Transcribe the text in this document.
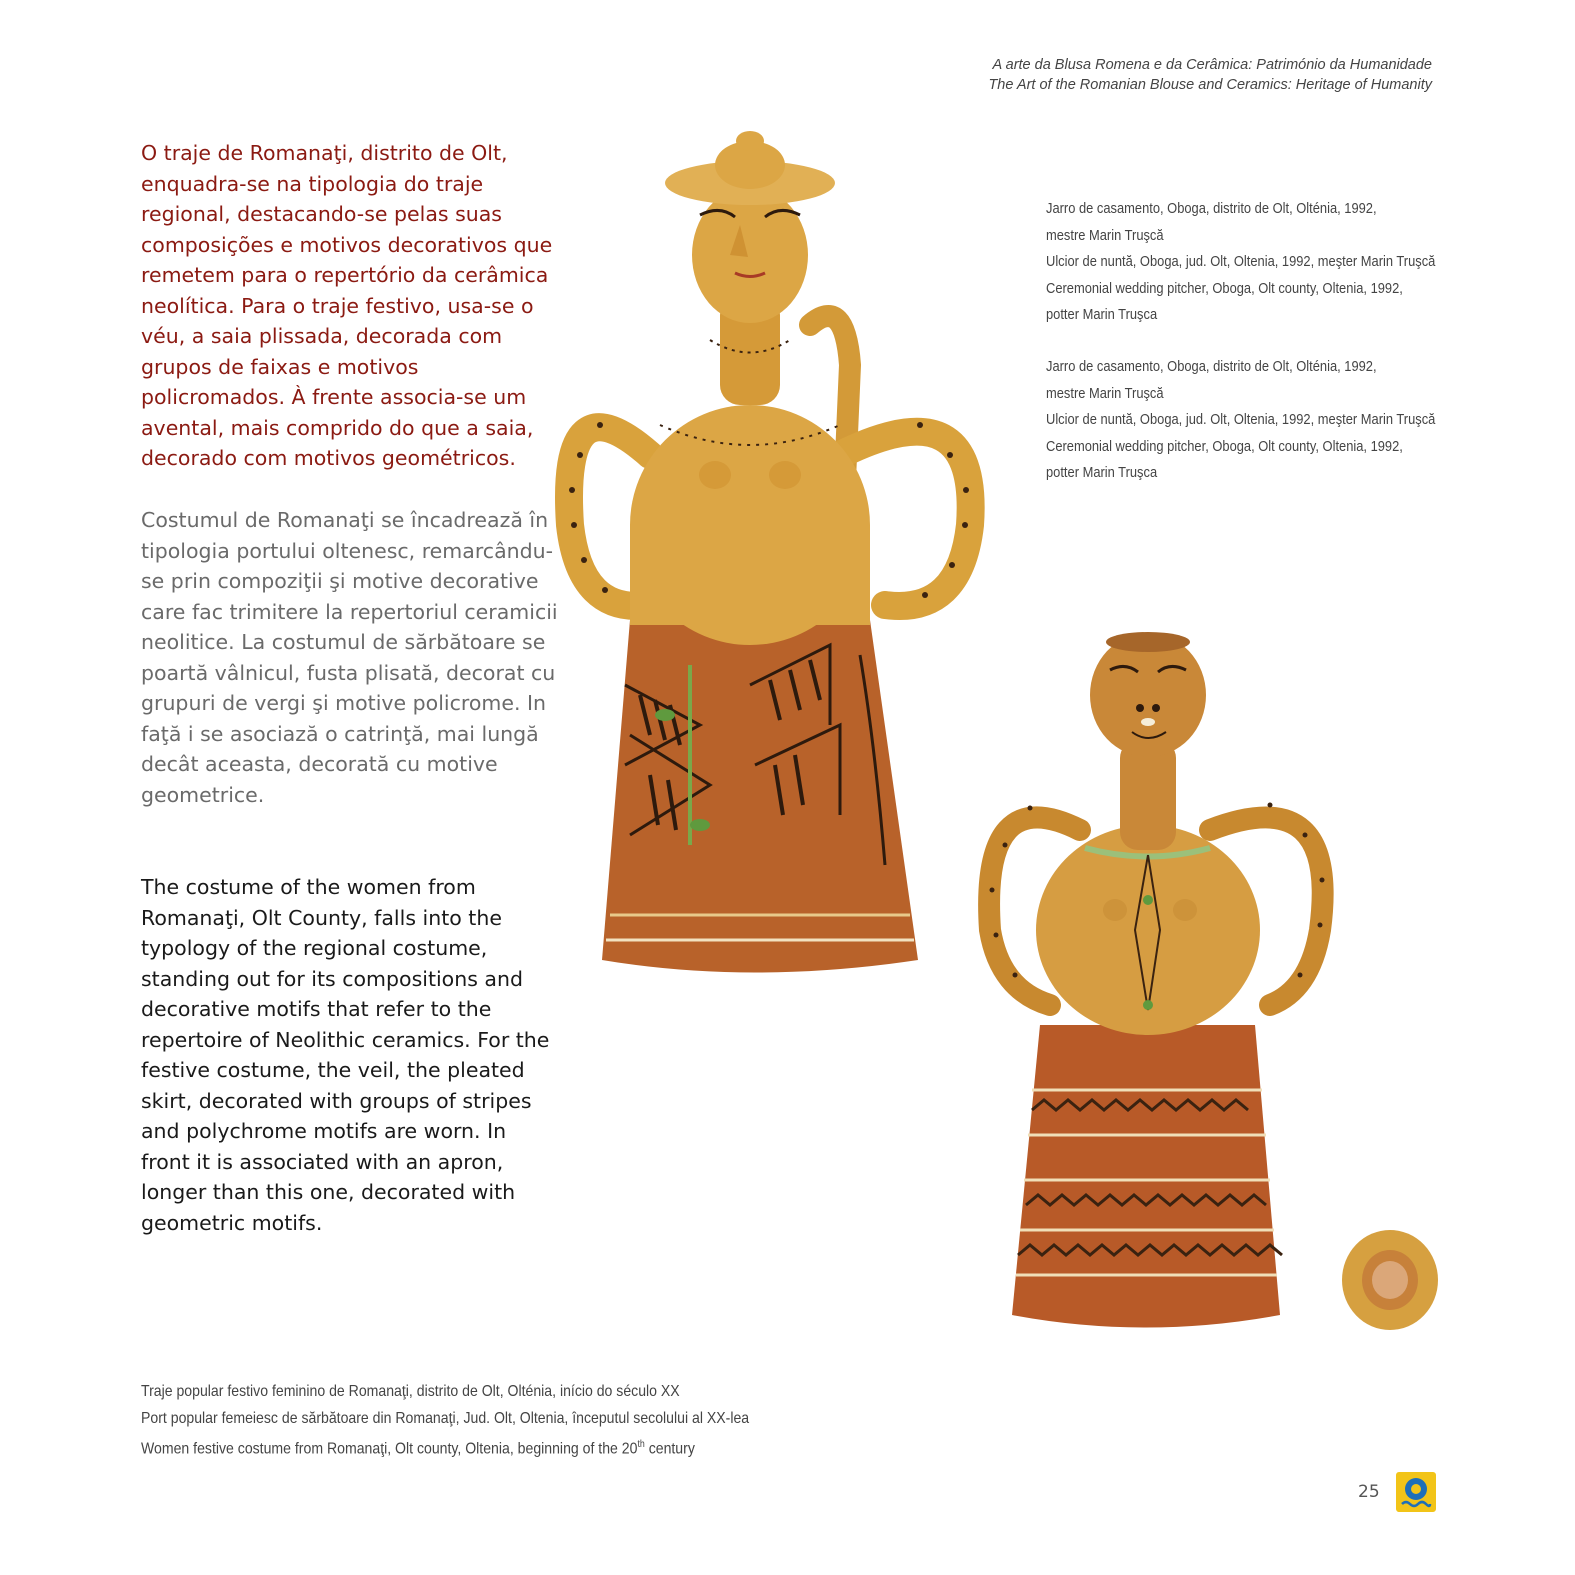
A arte da Blusa Romena e da Cerâmica: Património da Humanidade
The Art of the Romanian Blouse and Ceramics: Heritage of Humanity

O traje de Romanaţi, distrito de Olt, enquadra-se na tipologia do traje regional, destacando-se pelas suas composições e motivos decorativos que remetem para o repertório da cerâmica neolítica. Para o traje festivo, usa-se o véu, a saia plissada, decorada com grupos de faixas e motivos policromados. À frente associa-se um avental, mais comprido do que a saia, decorado com motivos geométricos.

Costumul de Romanaţi se încadrează în tipologia portului oltenesc, remarcându-se prin compoziţii şi motive decorative care fac trimitere la repertoriul ceramicii neolitice. La costumul de sărbătoare se poartă vâlnicul, fusta plisată, decorat cu grupuri de vergi şi motive policrome. In faţă i se asociază o catrinţă, mai lungă decât aceasta, decorată cu motive geometrice.

The costume of the women from Romanaţi, Olt County, falls into the typology of the regional costume, standing out for its compositions and decorative motifs that refer to the repertoire of Neolithic ceramics. For the festive costume, the veil, the pleated skirt, decorated with groups of stripes and polychrome motifs are worn. In front it is associated with an apron, longer than this one, decorated with geometric motifs.

Jarro de casamento, Oboga, distrito de Olt, Olténia, 1992,
mestre Marin Truşcă
Ulcior de nuntă, Oboga, jud. Olt, Oltenia, 1992, meşter Marin Truşcă
Ceremonial wedding pitcher, Oboga, Olt county, Oltenia, 1992,
potter Marin Truşca
Jarro de casamento, Oboga, distrito de Olt, Olténia, 1992,
mestre Marin Truşcă
Ulcior de nuntă, Oboga, jud. Olt, Oltenia, 1992, meşter Marin Truşcă
Ceremonial wedding pitcher, Oboga, Olt county, Oltenia, 1992,
potter Marin Truşca
Traje popular festivo feminino de Romanaţi, distrito de Olt, Olténia, início do século XX
Port popular femeiesc de sărbătoare din Romanaţi, Jud. Olt, Oltenia, începutul secolului al XX-lea
Women festive costume from Romanaţi, Olt county, Oltenia, beginning of the 20th century
25
